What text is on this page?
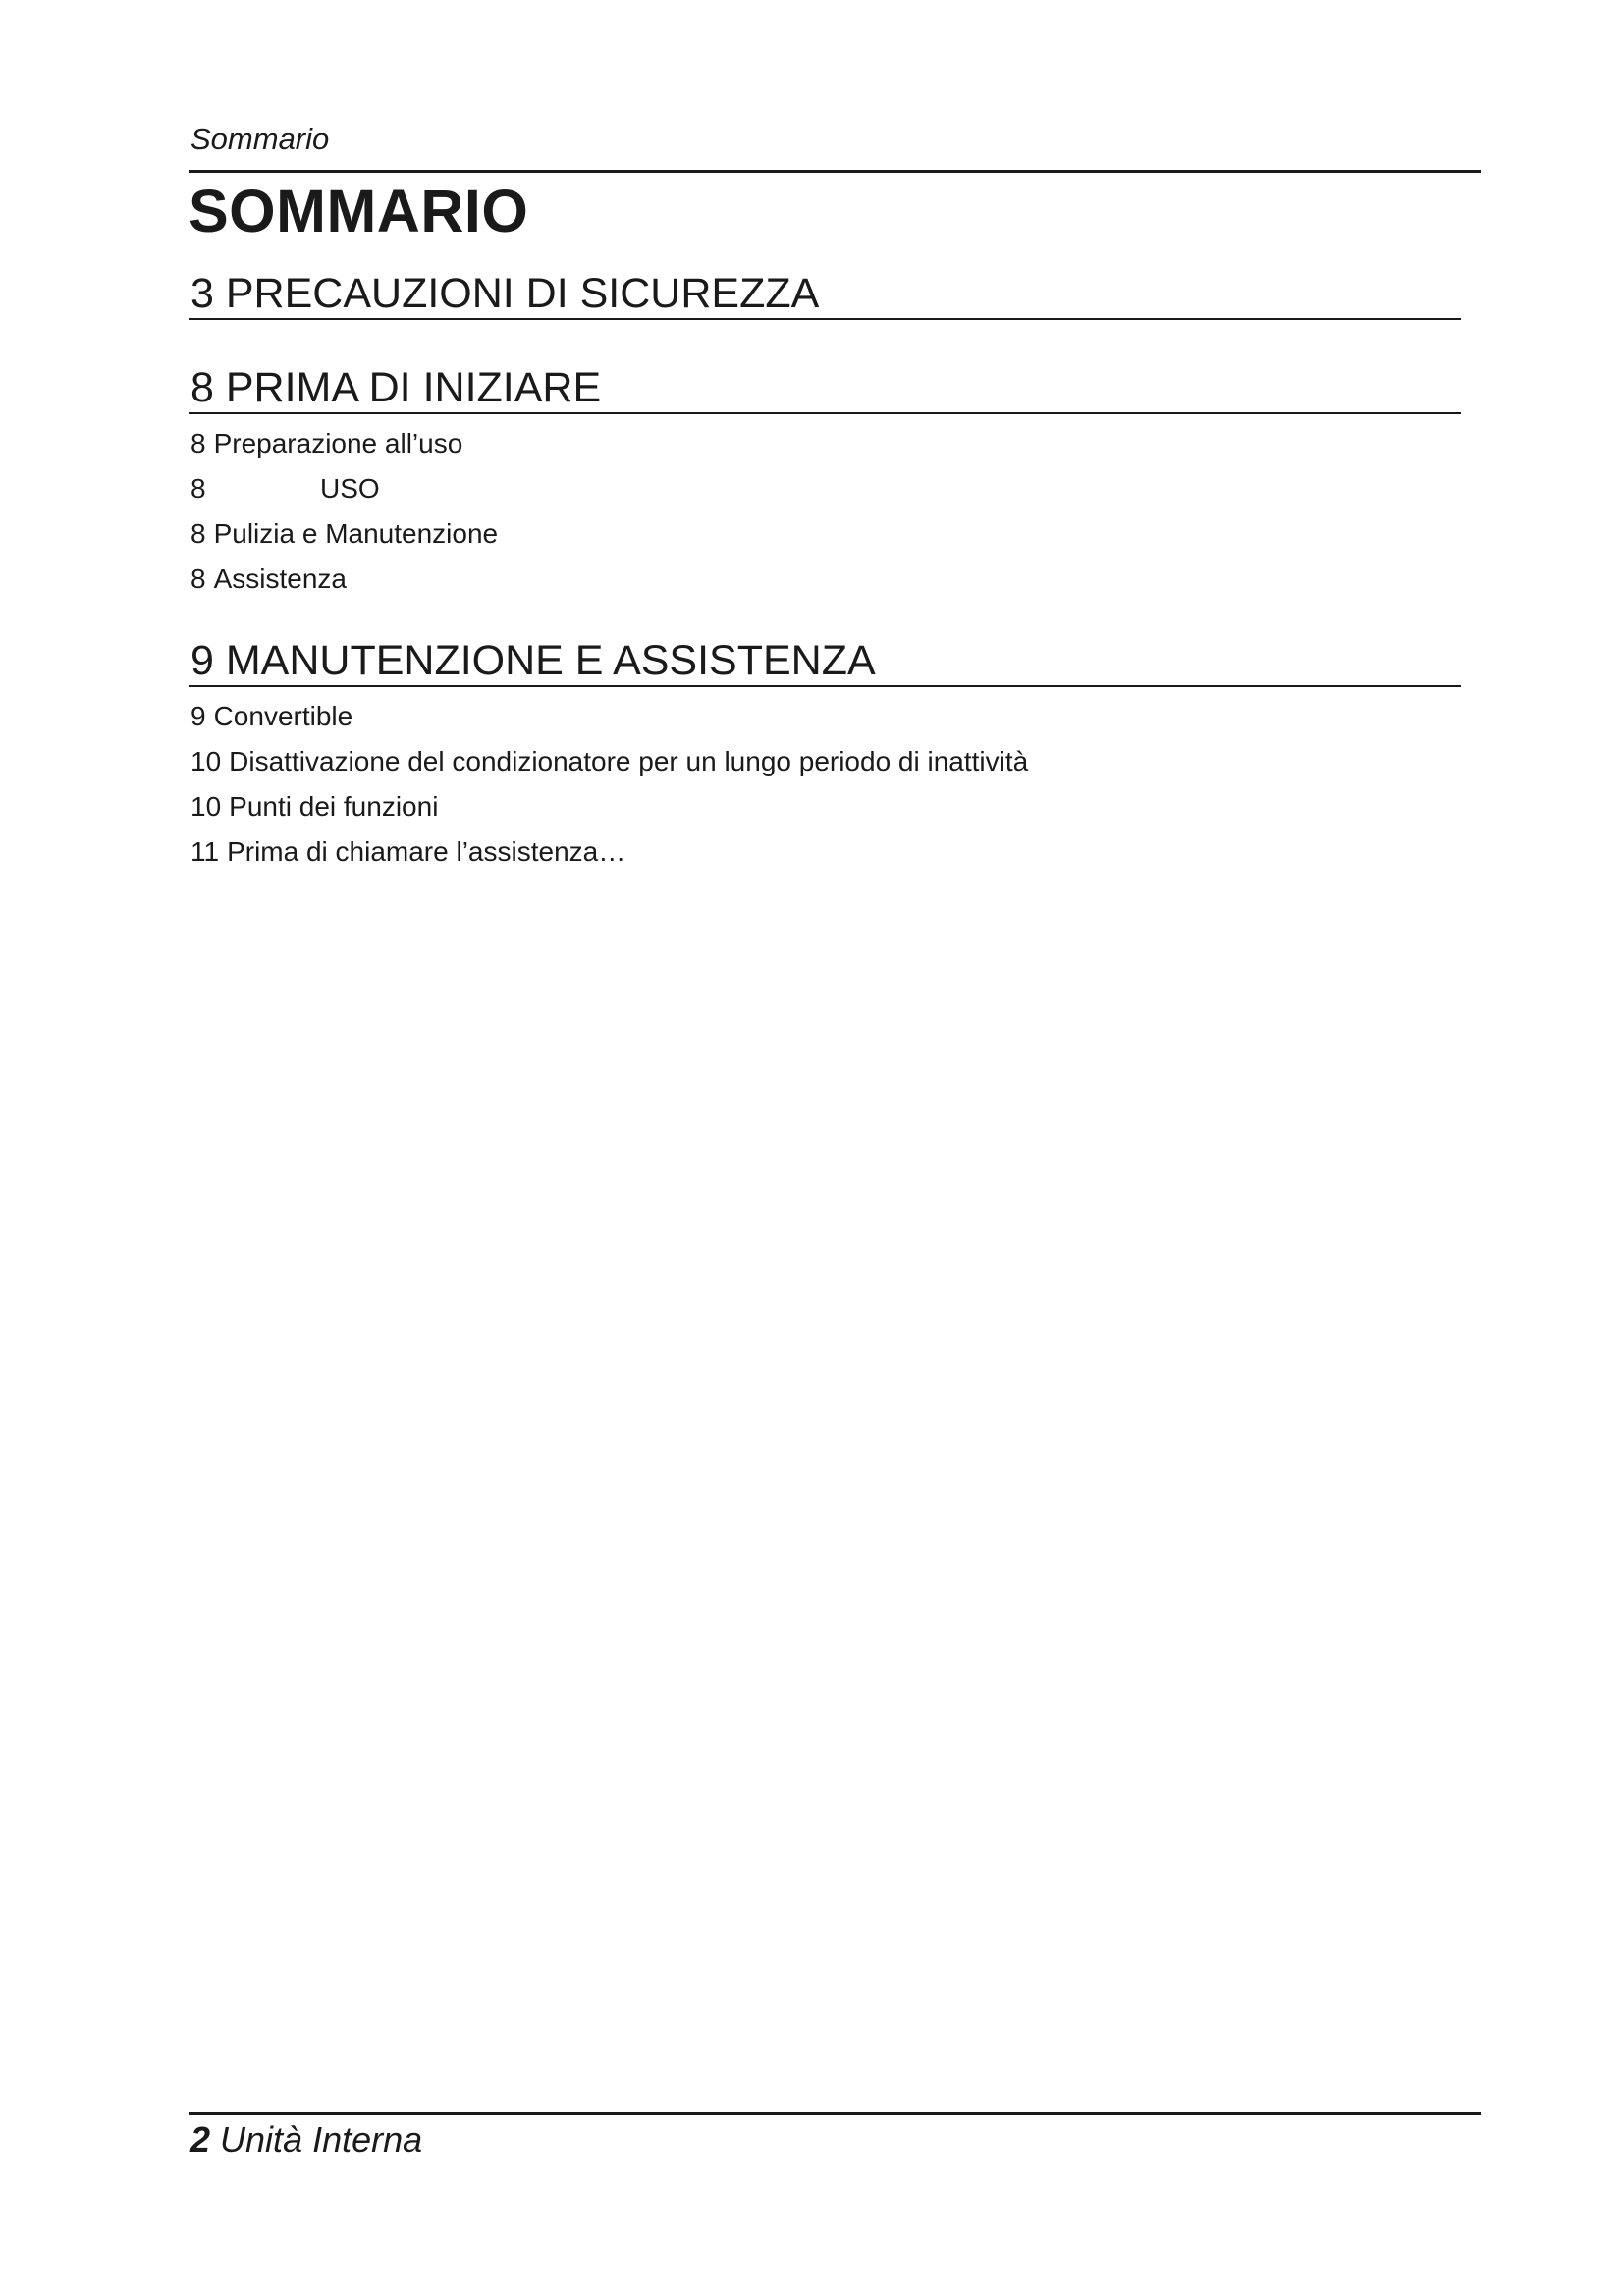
Sommario
SOMMARIO
3 PRECAUZIONI DI SICUREZZA
8 PRIMA DI INIZIARE
8 Preparazione all’uso
8	USO
8 Pulizia e Manutenzione
8 Assistenza
9 MANUTENZIONE E ASSISTENZA
9 Convertible
10 Disattivazione del condizionatore per un lungo periodo di inattività
10 Punti dei funzioni
11 Prima di chiamare l’assistenza…
2 Unità Interna
